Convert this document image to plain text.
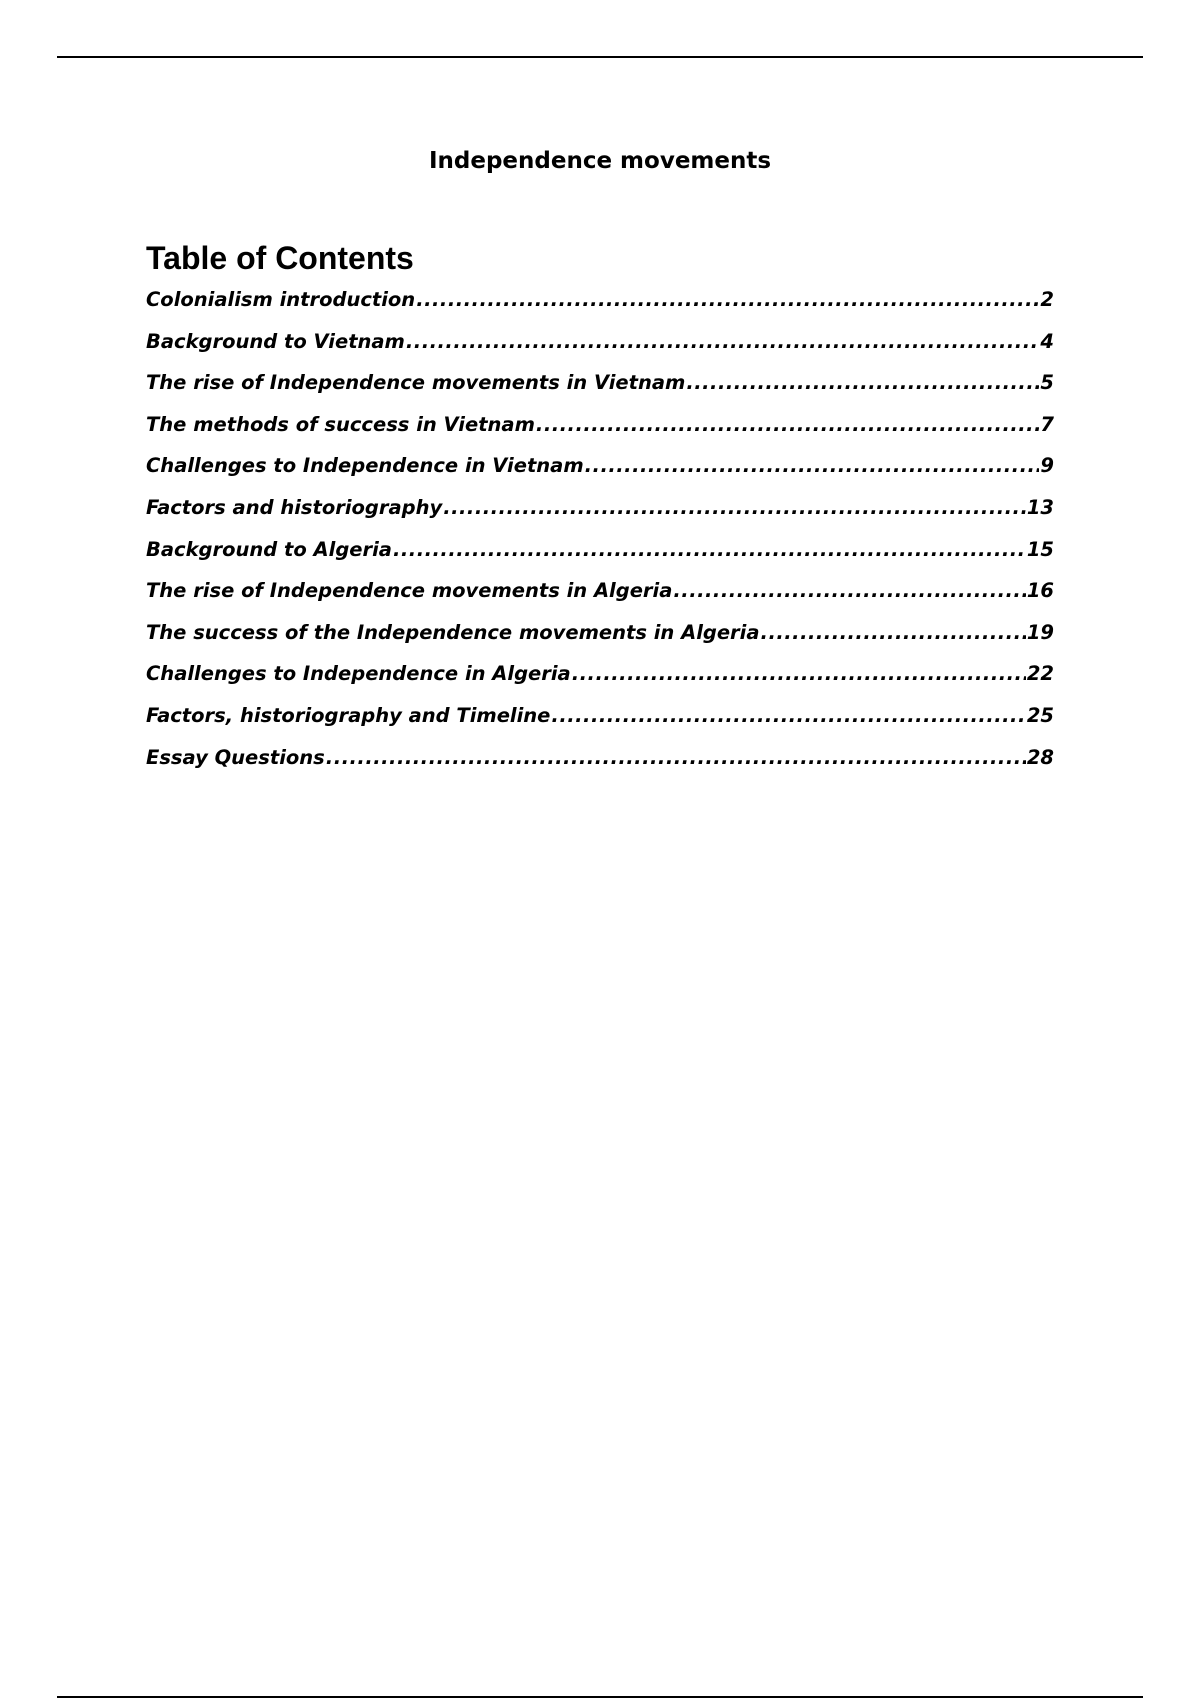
Independence movements
Table of Contents
Colonialism introduction .....	2
Background to Vietnam .....	4
The rise of Independence movements in Vietnam .....	5
The methods of success in Vietnam .....	7
Challenges to Independence in Vietnam .....	9
Factors and historiography .....	13
Background to Algeria .....	15
The rise of Independence movements in Algeria .....	16
The success of the Independence movements in Algeria .....	19
Challenges to Independence in Algeria .....	22
Factors, historiography and Timeline .....	25
Essay Questions .....	28
